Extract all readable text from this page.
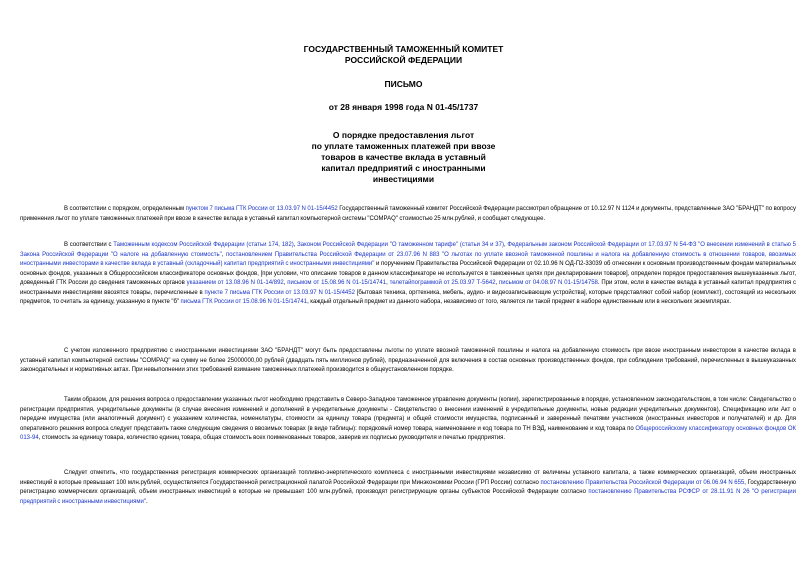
ГОСУДАРСТВЕННЫЙ ТАМОЖЕННЫЙ КОМИТЕТ
РОССИЙСКОЙ ФЕДЕРАЦИИ
ПИСЬМО
от 28 января 1998 года N 01-45/1737
О порядке предоставления льгот
по уплате таможенных платежей при ввозе
товаров в качестве вклада в уставный
капитал предприятий с иностранными
инвестициями
В соответствии с порядком, определенным пунктом 7 письма ГТК России от 13.03.97 N 01-15/4452 Государственный таможенный комитет Российской Федерации рассмотрел обращение от 10.12.97 N 1124 и документы, представленные ЗАО "БРАНДТ" по вопросу применения льгот по уплате таможенных платежей при ввозе в качестве вклада в уставный капитал компьютерной системы "COMPAQ" стоимостью 25 млн.рублей, и сообщает следующее.
В соответствии с Таможенным кодексом Российской Федерации (статьи 174, 182), Законом Российской Федерации "О таможенном тарифе" (статьи 34 и 37), Федеральным законом Российской Федерации от 17.03.97 N 54-ФЗ "О внесении изменений в статью 5 Закона Российской Федерации "О налоге на добавленную стоимость", постановлением Правительства Российской Федерации от 23.07.96 N 883 "О льготах по уплате ввозной таможенной пошлины и налога на добавленную стоимость в отношении товаров, ввозимых иностранными инвесторами в качестве вклада в уставный (складочный) капитал предприятий с иностранными инвестициями" и поручением Правительства Российской Федерации от 02.10.96 N ОД-П2-33039 об отнесении к основным производственным фондам материальных основных фондов, указанных в Общероссийском классификаторе основных фондов, [при условии, что описание товаров в данном классификаторе не используется в таможенных целях при декларировании товаров], определен порядок предоставления вышеуказанных льгот, доведенный ГТК России до сведения таможенных органов указанием от 13.08.96 N 01-14/892, письмом от 15.08.96 N 01-15/14741, телетайпограммой от 25.03.97 Т-5642, письмом от 04.08.97 N 01-15/14758. При этом, если в качестве вклада в уставный капитал предприятия с иностранными инвестициями ввозятся товары, перечисленные в пункте 7 письма ГТК России от 13.03.97 N 01-15/4452 [бытовая техника, оргтехника, мебель, аудио- и видеозаписывающие устройства], которые представляют собой набор (комплект), состоящий из нескольких предметов, то считать за единицу, указанную в пункте "б" письма ГТК России от 15.08.96 N 01-15/14741, каждый отдельный предмет из данного набора, независимо от того, является ли такой предмет в наборе единственным или в нескольких экземплярах.
С учетом изложенного предприятию с иностранными инвестициями ЗАО "БРАНДТ" могут быть предоставлены льготы по уплате ввозной таможенной пошлины и налога на добавленную стоимость при ввозе иностранным инвестором в качестве вклада в уставный капитал компьютерной системы "COMPAQ" на сумму не более 25000000,00 рублей (двадцать пять миллионов рублей), предназначенной для включения в состав основных производственных фондов, при соблюдении требований, перечисленных в вышеуказанных законодательных и нормативных актах. При невыполнении этих требований взимание таможенных платежей производится в общеустановленном порядке.
Таким образом, для решения вопроса о предоставлении указанных льгот необходимо представить в Северо-Западное таможенное управление документы (копии), зарегистрированные в порядке, установленном законодательством, в том числе: Свидетельство о регистрации предприятия, учредительные документы (в случае внесения изменений и дополнений в учредительные документы - Свидетельство о внесении изменений в учредительные документы, новые редакции учредительных документов), Спецификацию или Акт о передаче имущества (или аналогичный документ) с указанием количества, номенклатуры, стоимости за единицу товара (предмета) и общей стоимости имущества, подписанный и заверенный печатями участников (иностранных инвесторов и получателей) и др. Для оперативного решения вопроса следует представить также следующие сведения о ввозимых товарах (в виде таблицы): порядковый номер товара, наименование и код товара по ТН ВЭД, наименование и код товара по Общероссийскому классификатору основных фондов ОК 013-94, стоимость за единицу товара, количество единиц товара, общая стоимость всех поименованных товаров, заверив их подписью руководителя и печатью предприятия.
Следует отметить, что государственная регистрация коммерческих организаций топливно-энергетического комплекса с иностранными инвестициями независимо от величины уставного капитала, а также коммерческих организаций, объем иностранных инвестиций в которые превышает 100 млн.рублей, осуществляется Государственной регистрационной палатой Российской Федерации при Минэкономики России (ГРП России) согласно постановлению Правительства Российской Федерации от 06.06.94 N 655, Государственную регистрацию коммерческих организаций, объем иностранных инвестиций в которые не превышает 100 млн.рублей, производят регистрирующие органы субъектов Российской Федерации согласно постановлению Правительства РСФСР от 28.11.91 N 26 "О регистрации предприятий с иностранными инвестициями".
